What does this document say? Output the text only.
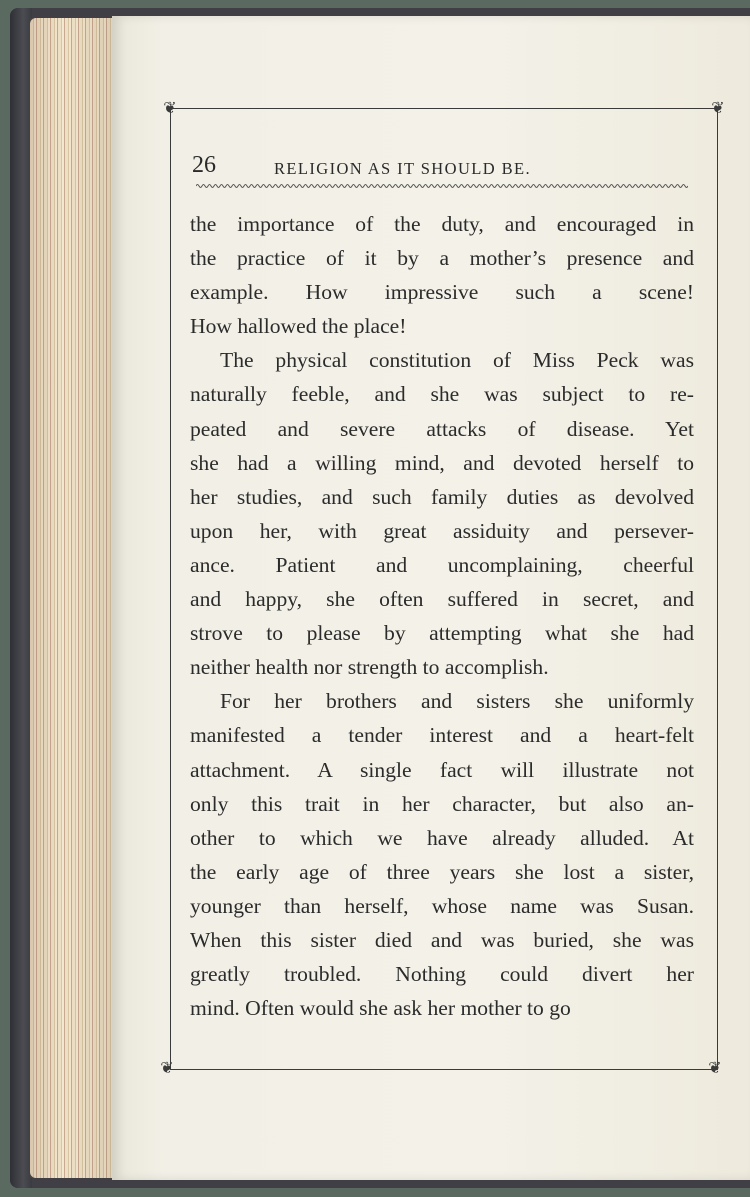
❦	❦
❦	❦
26	RELIGION AS IT SHOULD BE.
the importance of the duty, and encouraged in
the practice of it by a mother’s presence and
example. How impressive such a scene!
How hallowed the place!
The physical constitution of Miss Peck was
naturally feeble, and she was subject to re-
peated and severe attacks of disease. Yet
she had a willing mind, and devoted herself to
her studies, and such family duties as devolved
upon her, with great assiduity and persever-
ance. Patient and uncomplaining, cheerful
and happy, she often suffered in secret, and
strove to please by attempting what she had
neither health nor strength to accomplish.
For her brothers and sisters she uniformly
manifested a tender interest and a heart-felt
attachment. A single fact will illustrate not
only this trait in her character, but also an-
other to which we have already alluded. At
the early age of three years she lost a sister,
younger than herself, whose name was Susan.
When this sister died and was buried, she was
greatly troubled. Nothing could divert her
mind. Often would she ask her mother to go
